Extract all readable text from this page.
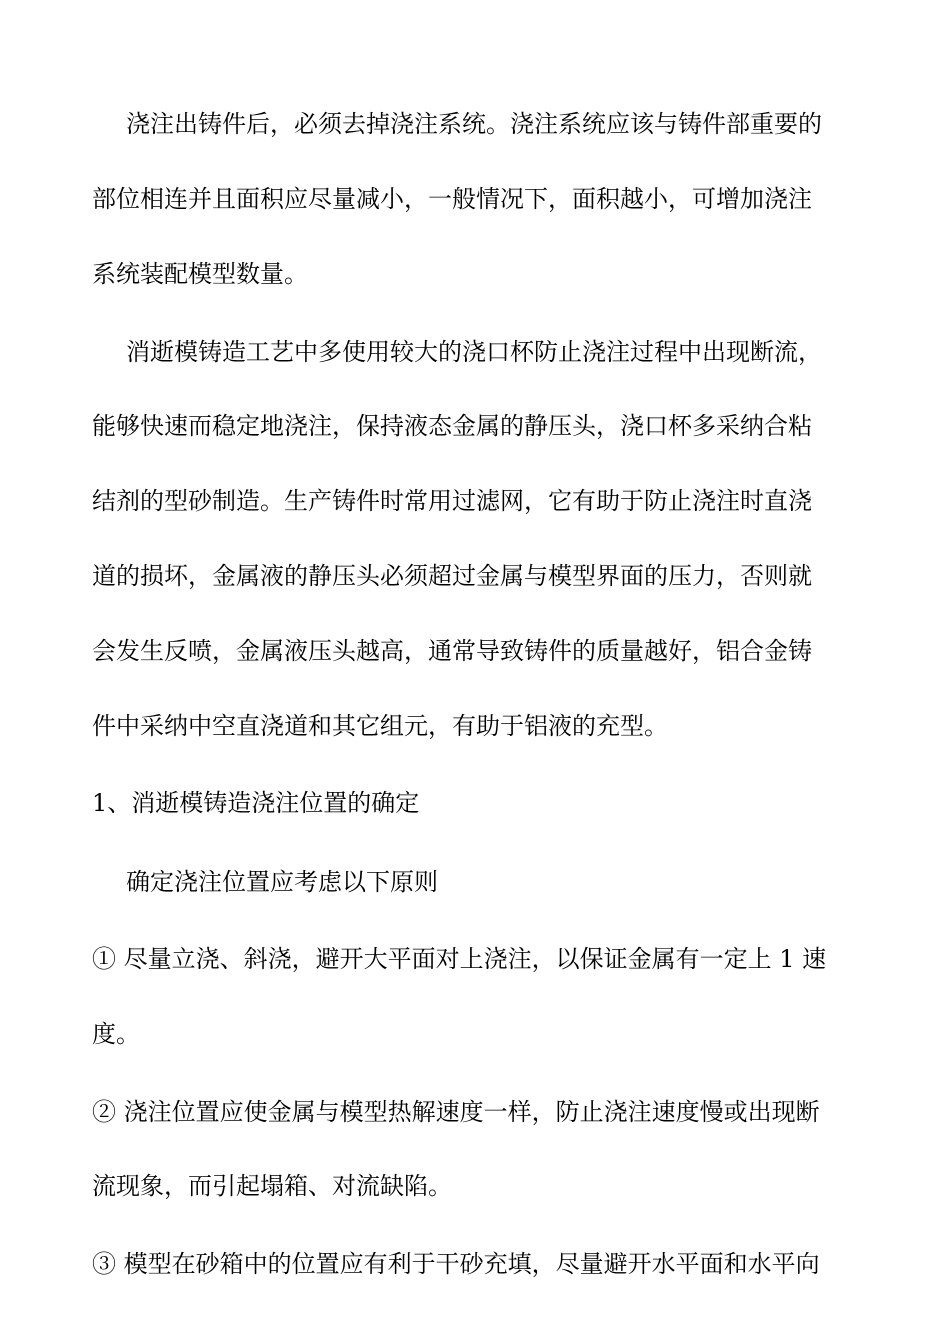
浇注出铸件后，必须去掉浇注系统。浇注系统应该与铸件部重要的
部位相连并且面积应尽量减小，一般情况下，面积越小，可增加浇注
系统装配模型数量。
消逝模铸造工艺中多使用较大的浇口杯防止浇注过程中出现断流，
能够快速而稳定地浇注，保持液态金属的静压头，浇口杯多采纳合粘
结剂的型砂制造。生产铸件时常用过滤网，它有助于防止浇注时直浇
道的损坏，金属液的静压头必须超过金属与模型界面的压力，否则就
会发生反喷，金属液压头越高，通常导致铸件的质量越好，铝合金铸
件中采纳中空直浇道和其它组元，有助于铝液的充型。
1、消逝模铸造浇注位置的确定
确定浇注位置应考虑以下原则
① 尽量立浇、斜浇，避开大平面对上浇注，以保证金属有一定上 1 速
度。
② 浇注位置应使金属与模型热解速度一样，防止浇注速度慢或出现断
流现象，而引起塌箱、对流缺陷。
③ 模型在砂箱中的位置应有利于干砂充填，尽量避开水平面和水平向
